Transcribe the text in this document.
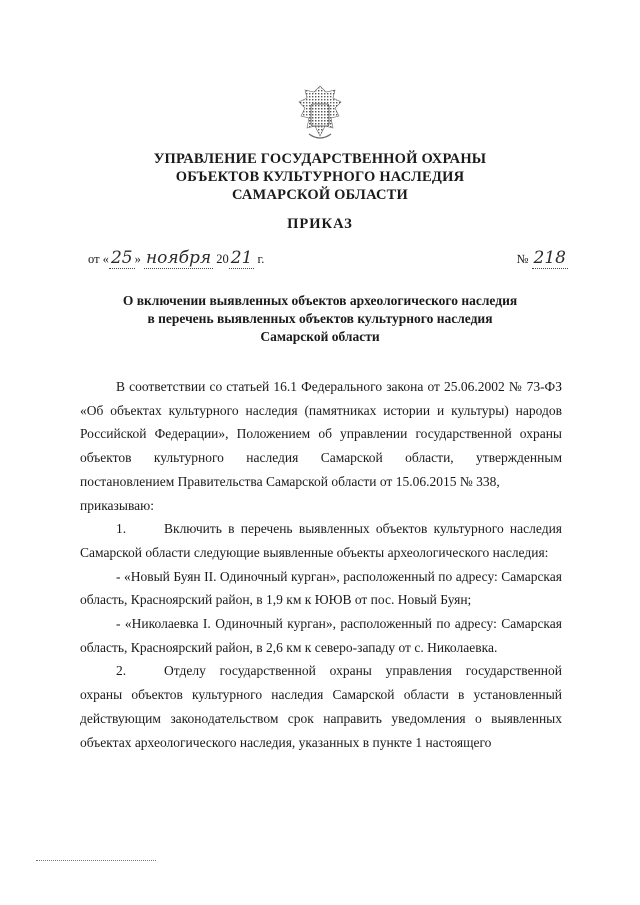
УПРАВЛЕНИЕ ГОСУДАРСТВЕННОЙ ОХРАНЫ
ОБЪЕКТОВ КУЛЬТУРНОГО НАСЛЕДИЯ
САМАРСКОЙ ОБЛАСТИ
ПРИКАЗ
от « 25 » ноября 20 21 г.	№ 218
О включении выявленных объектов археологического наследия
в перечень выявленных объектов культурного наследия
Самарской области

В соответствии со статьей 16.1 Федерального закона от 25.06.2002 № 73-ФЗ «Об объектах культурного наследия (памятниках истории и культуры) народов Российской Федерации», Положением об управлении государственной охраны объектов культурного наследия Самарской области, утвержденным постановлением Правительства Самарской области от 15.06.2015 № 338,

приказываю:

1.	Включить в перечень выявленных объектов культурного наследия Самарской области следующие выявленные объекты археологического наследия:

- «Новый Буян II. Одиночный курган», расположенный по адресу: Самарская область, Красноярский район, в 1,9 км к ЮЮВ от пос. Новый Буян;

- «Николаевка I. Одиночный курган», расположенный по адресу: Самарская область, Красноярский район, в 2,6 км к северо-западу от с. Николаевка.

2.	Отделу государственной охраны управления государственной охраны объектов культурного наследия Самарской области в установленный действующим законодательством срок направить уведомления о выявленных объектах археологического наследия, указанных в пункте 1 настоящего
